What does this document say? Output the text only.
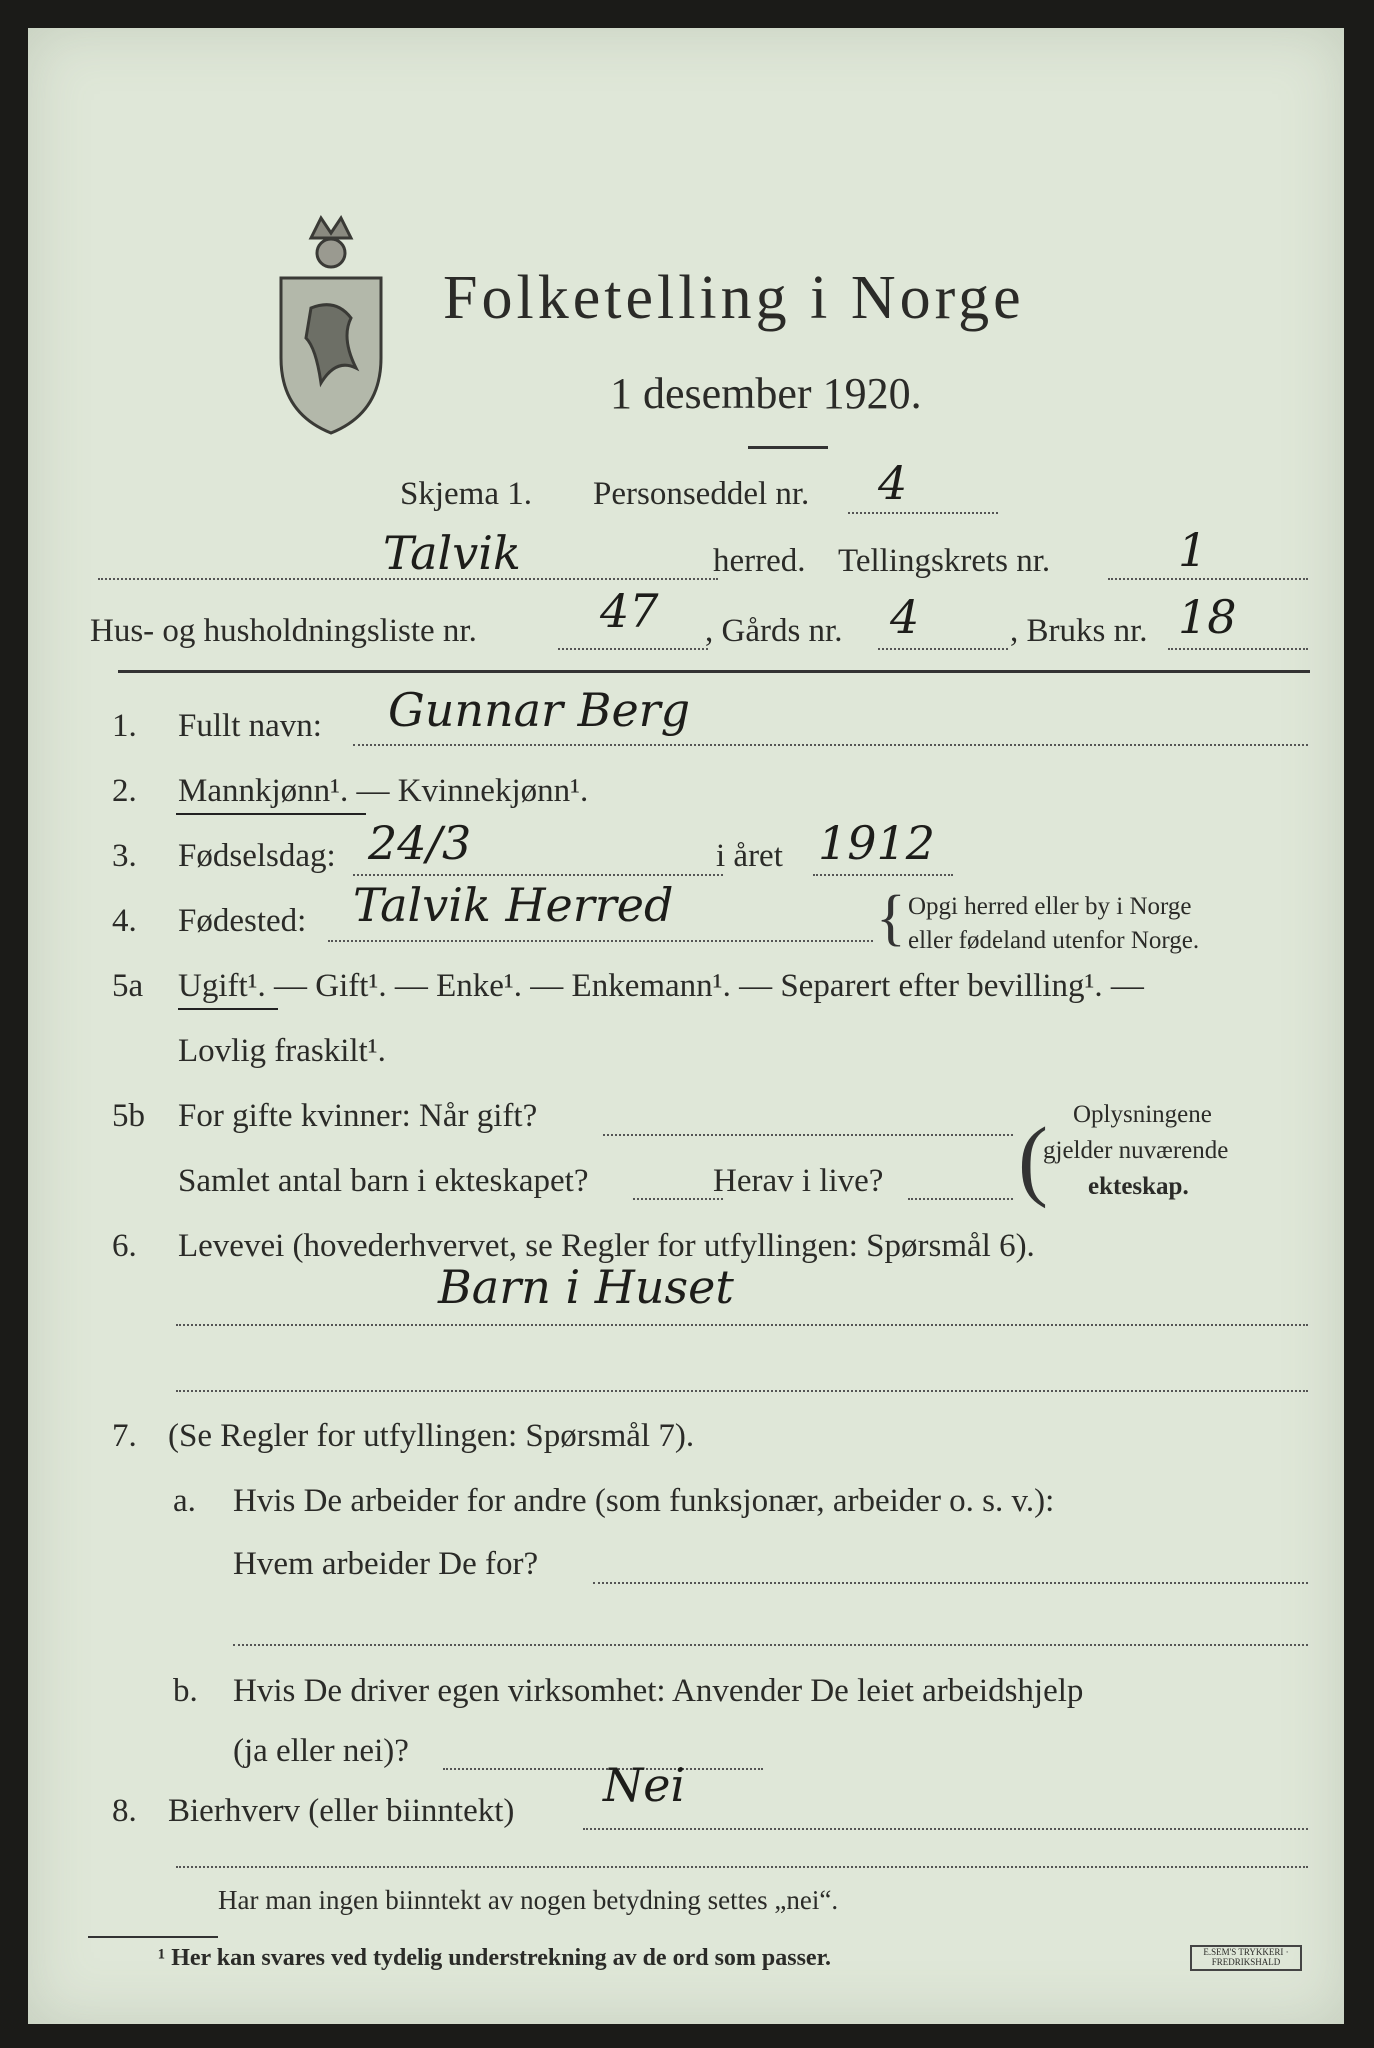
Folketelling i Norge
1 desember 1920.
Skjema 1. Personseddel nr. 4
Talvik	herred. Tellingskrets nr.	1
Hus- og husholdningsliste nr.	47 , Gårds nr. 4	, Bruks nr. 18
1. Fullt navn: Gunnar Berg
2. Mannkjønn¹. — Kvinnekjønn¹.
3. Fødselsdag: 24/3	i året 1912
4. Fødested: Talvik Herred	{ Opgi herred eller by i Norge
eller fødeland utenfor Norge.
5a Ugift¹. — Gift¹. — Enke¹. — Enkemann¹. — Separert efter bevilling¹. —
Lovlig fraskilt¹.
5b For gifte kvinner: Når gift?
Samlet antal barn i ekteskapet?	Herav i live? ( Oplysningene
gjelder nuværende
ekteskap.
6. Levevei (hovederhvervet, se Regler for utfyllingen: Spørsmål 6).
Barn i Huset
7. (Se Regler for utfyllingen: Spørsmål 7).
a. Hvis De arbeider for andre (som funksjonær, arbeider o. s. v.):
Hvem arbeider De for?
b. Hvis De driver egen virksomhet: Anvender De leiet arbeidshjelp
(ja eller nei)?
8. Bierhverv (eller biinntekt) Nei
Har man ingen biinntekt av nogen betydning settes „nei“.
¹ Her kan svares ved tydelig understrekning av de ord som passer.	E.SEM'S TRYKKERI · FREDRIKSHALD
